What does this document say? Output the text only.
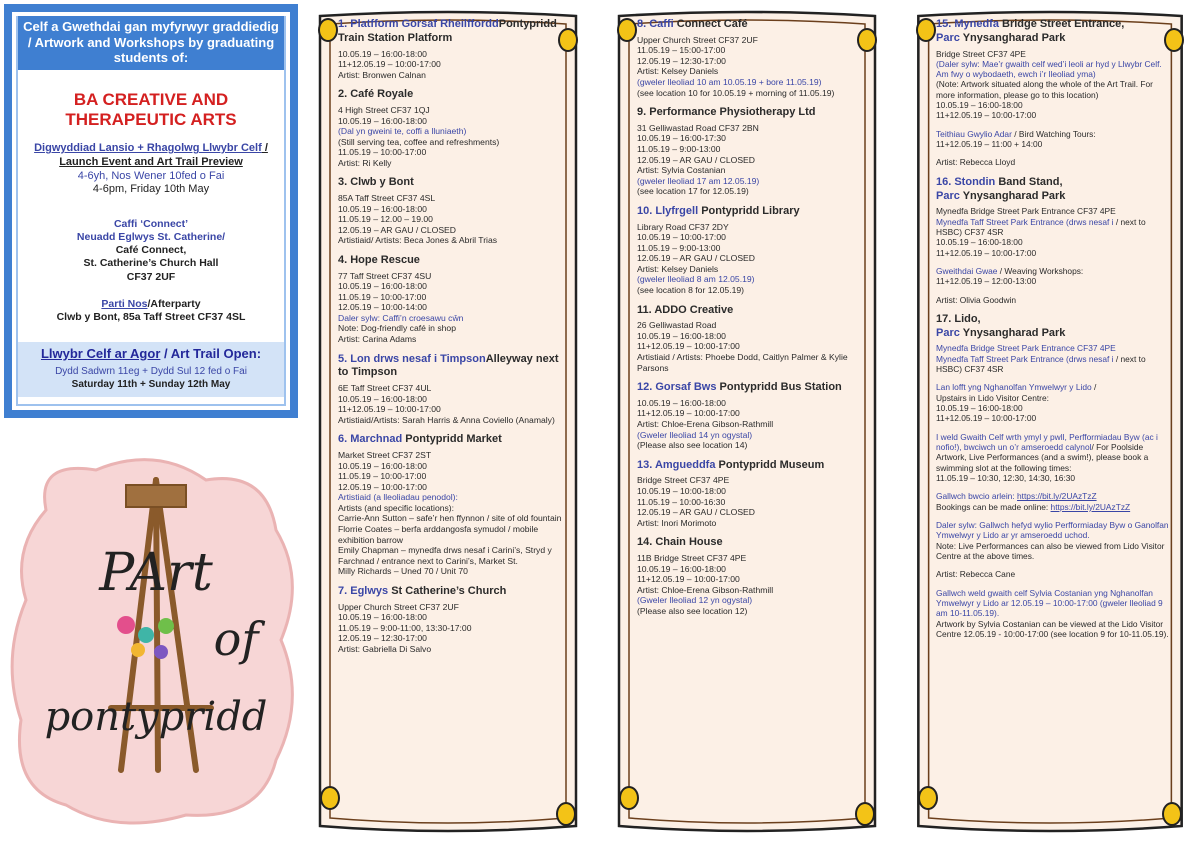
Celf a Gwethdai gan myfyrwyr graddiedig / Artwork and Workshops by graduating students of:
BA CREATIVE AND
THERAPEUTIC ARTS
Digwyddiad Lansio + Rhagolwg Llwybr Celf / Launch Event and Art Trail Preview
4-6yh, Nos Wener 10fed o Fai
4-6pm, Friday 10th May
Caffi ‘Connect’
Neuadd Eglwys St. Catherine/
Café Connect,
St. Catherine’s Church Hall
CF37 2UF
Parti Nos/Afterparty
Clwb y Bont, 85a Taff Street CF37 4SL
Llwybr Celf ar Agor / Art Trail Open:
Dydd Sadwrn 11eg + Dydd Sul 12 fed o Fai
Saturday 11th + Sunday 12th May
PArt
of
pontypridd
1. Platfform Gorsaf RheilfforddPontypridd Train Station Platform
10.05.19 – 16:00-18:00
11+12.05.19 – 10:00-17:00
Artist: Bronwen Calnan
2. Café Royale
4 High Street CF37 1QJ
10.05.19 – 16:00-18:00
(Dal yn gweini te, coffi a lluniaeth)
(Still serving tea, coffee and refreshments)
11.05.19 – 10:00-17:00
Artist: Ri Kelly
3. Clwb y Bont
85A Taff Street CF37 4SL
10.05.19 – 16:00-18:00
11.05.19 – 12.00 – 19.00
12.05.19 – AR GAU / CLOSED
Artistiaid/ Artists: Beca Jones & Abril Trias
4. Hope Rescue
77 Taff Street CF37 4SU
10.05.19 – 16:00-18:00
11.05.19 – 10:00-17:00
12.05.19 – 10:00-14:00
Daler sylw: Caffi’n croesawu cŵn
Note: Dog-friendly café in shop
Artist: Carina Adams
5. Lon drws nesaf i TimpsonAlleyway next to Timpson
6E Taff Street CF37 4UL
10.05.19 – 16:00-18:00
11+12.05.19 – 10:00-17:00
Artistiaid/Artists: Sarah Harris & Anna Coviello (Anamaly)
6. Marchnad Pontypridd Market
Market Street CF37 2ST
10.05.19 – 16:00-18:00
11.05.19 – 10:00-17:00
12.05.19 – 10:00-17:00
Artistiaid (a lleoliadau penodol):
Artists (and specific locations):
Carrie-Ann Sutton – safe’r hen ffynnon / site of old fountain
Florrie Coates – berfa arddangosfa symudol / mobile exhibition barrow
Emily Chapman – mynedfa drws nesaf i Carini’s, Stryd y Farchnad / entrance next to Carini’s, Market St.
Milly Richards – Uned 70 / Unit 70
7. Eglwys St Catherine’s Church
Upper Church Street CF37 2UF
10.05.19 – 16:00-18:00
11.05.19 – 9:00-11:00, 13:30-17:00
12.05.19 – 12:30-17:00
Artist: Gabriella Di Salvo
8. Caffi Connect Café
Upper Church Street CF37 2UF
11.05.19 – 15:00-17:00
12.05.19 – 12:30-17:00
Artist: Kelsey Daniels
(gweler lleoliad 10 am 10.05.19 + bore 11.05.19)
(see location 10 for 10.05.19 + morning of 11.05.19)
9. Performance Physiotherapy Ltd
31 Gelliwastad Road CF37 2BN
10.05.19 – 16:00-17:30
11.05.19 – 9:00-13:00
12.05.19 – AR GAU / CLOSED
Artist: Sylvia Costanian
(gweler lleoliad 17 am 12.05.19)
(see location 17 for 12.05.19)
10. Llyfrgell Pontypridd Library
Library Road CF37 2DY
10.05.19 – 10:00-17:00
11.05.19 – 9:00-13:00
12.05.19 – AR GAU / CLOSED
Artist: Kelsey Daniels
(gweler lleoliad 8 am 12.05.19)
(see location 8 for 12.05.19)
11. ADDO Creative
26 Gelliwastad Road
10.05.19 – 16:00-18:00
11+12.05.19 – 10:00-17:00
Artistiaid / Artists: Phoebe Dodd, Caitlyn Palmer & Kylie Parsons
12. Gorsaf Bws Pontypridd Bus Station
10.05.19 – 16:00-18:00
11+12.05.19 – 10:00-17:00
Artist: Chloe-Erena Gibson-Rathmill
(Gweler lleoliad 14 yn ogystal)
(Please also see location 14)
13. Amgueddfa Pontypridd Museum
Bridge Street CF37 4PE
10.05.19 – 10:00-18:00
11.05.19 – 10:00-16:30
12.05.19 – AR GAU / CLOSED
Artist: Inori Morimoto
14. Chain House
11B Bridge Street CF37 4PE
10.05.19 – 16:00-18:00
11+12.05.19 – 10:00-17:00
Artist: Chloe-Erena Gibson-Rathmill
(Gweler lleoliad 12 yn ogystal)
(Please also see location 12)
15. Mynedfa Bridge Street Entrance,
Parc Ynysangharad Park
Bridge Street CF37 4PE
(Daler sylw: Mae’r gwaith celf wed’i leoli ar hyd y Llwybr Celf. Am fwy o wybodaeth, ewch i’r lleoliad yma)
(Note: Artwork situated along the whole of the Art Trail. For more information, please go to this location)
10.05.19 – 16:00-18:00
11+12.05.19 – 10:00-17:00
Teithiau Gwylio Adar / Bird Watching Tours:
11+12.05.19 – 11:00 + 14:00
Artist: Rebecca Lloyd
16. Stondin Band Stand,
Parc Ynysangharad Park
Mynedfa Bridge Street Park Entrance CF37 4PE
Mynedfa Taff Street Park Entrance (drws nesaf i / next to HSBC) CF37 4SR
10.05.19 – 16:00-18:00
11+12.05.19 – 10:00-17:00
Gweithdai Gwae / Weaving Workshops:
11+12.05.19 – 12:00-13:00
Artist: Olivia Goodwin
17. Lido,
Parc Ynysangharad Park
Mynedfa Bridge Street Park Entrance CF37 4PE
Mynedfa Taff Street Park Entrance (drws nesaf i / next to HSBC) CF37 4SR
Lan lofft yng Nghanolfan Ymwelwyr y Lido /
Upstairs in Lido Visitor Centre:
10.05.19 – 16:00-18:00
11+12.05.19 – 10:00-17:00
I weld Gwaith Celf wrth ymyl y pwll, Perfformiadau Byw (ac i nofio!), bwciwch un o’r amseroedd calynol/ For Poolside Artwork, Live Performances (and a swim!), please book a swimming slot at the following times:
11.05.19 – 10:30, 12:30, 14:30, 16:30
Gallwch bwcio arlein: https://bit.ly/2UAzTzZ
Bookings can be made online: https://bit.ly/2UAzTzZ
Daler sylw: Gallwch hefyd wylio Perfformiaday Byw o Ganolfan Ymwelwyr y Lido ar yr amseroedd uchod.
Note: Live Performances can also be viewed from Lido Visitor Centre at the above times.
Artist: Rebecca Cane
Gallwch weld gwaith celf Sylvia Costanian yng Nghanolfan Ymwelwyr y Lido ar 12.05.19 – 10:00-17:00 (gweler lleoliad 9 am 10-11.05.19).
Artwork by Sylvia Costanian can be viewed at the Lido Visitor Centre 12.05.19 - 10:00-17:00 (see location 9 for 10-11.05.19).
